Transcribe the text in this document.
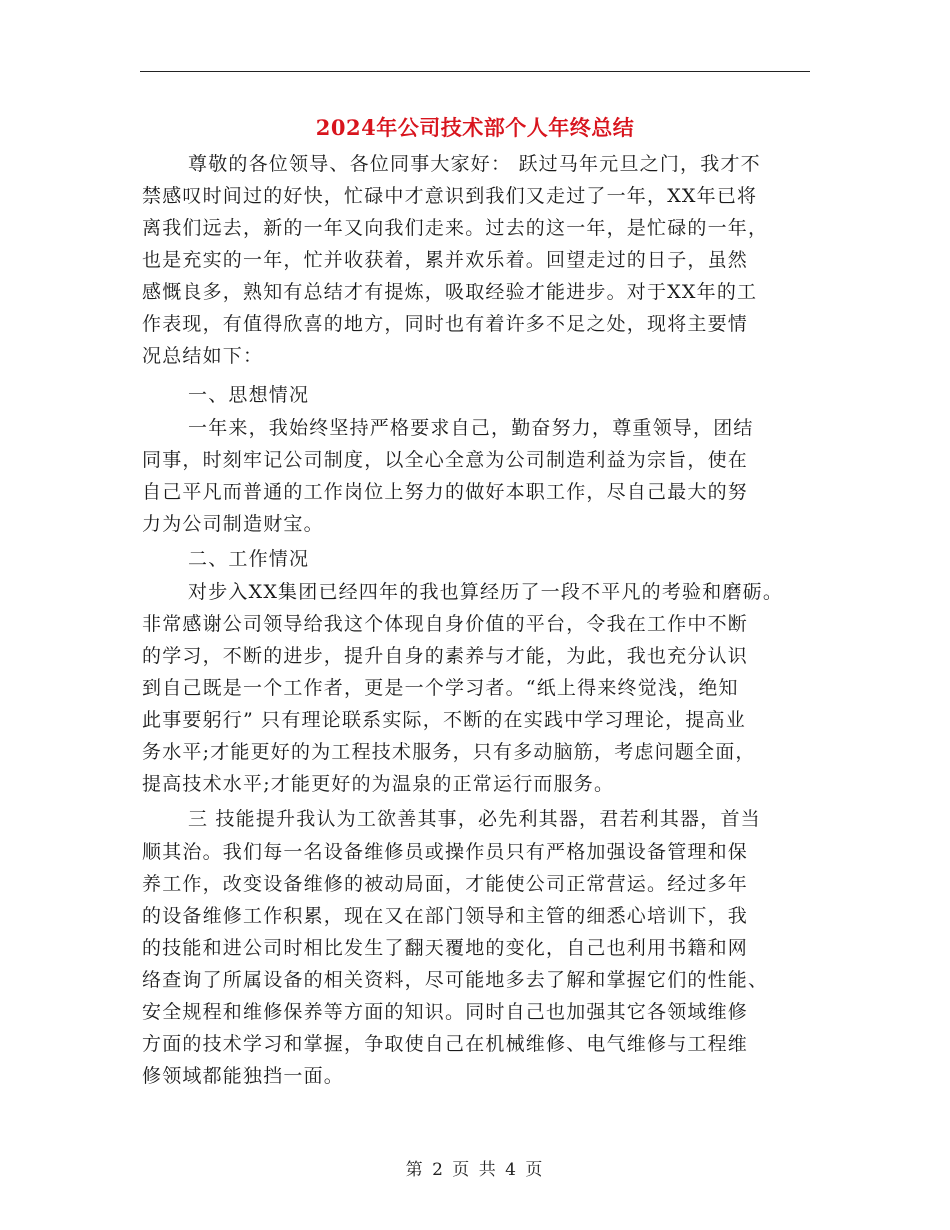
2024年公司技术部个人年终总结
尊敬的各位领导、各位同事大家好： 跃过马年元旦之门，我才不
禁感叹时间过的好快，忙碌中才意识到我们又走过了一年，XX年已将
离我们远去，新的一年又向我们走来。过去的这一年，是忙碌的一年，
也是充实的一年，忙并收获着，累并欢乐着。回望走过的日子，虽然
感慨良多，熟知有总结才有提炼，吸取经验才能进步。对于XX年的工
作表现，有值得欣喜的地方，同时也有着许多不足之处，现将主要情
况总结如下：
一、思想情况
一年来，我始终坚持严格要求自己，勤奋努力，尊重领导，团结
同事，时刻牢记公司制度，以全心全意为公司制造利益为宗旨，使在
自己平凡而普通的工作岗位上努力的做好本职工作，尽自己最大的努
力为公司制造财宝。
二、工作情况
对步入XX集团已经四年的我也算经历了一段不平凡的考验和磨砺。
非常感谢公司领导给我这个体现自身价值的平台，令我在工作中不断
的学习，不断的进步，提升自身的素养与才能，为此，我也充分认识
到自己既是一个工作者，更是一个学习者。“纸上得来终觉浅，绝知
此事要躬行” 只有理论联系实际，不断的在实践中学习理论，提高业
务水平;才能更好的为工程技术服务，只有多动脑筋，考虑问题全面，
提高技术水平;才能更好的为温泉的正常运行而服务。
三 技能提升我认为工欲善其事，必先利其器，君若利其器，首当
顺其治。我们每一名设备维修员或操作员只有严格加强设备管理和保
养工作，改变设备维修的被动局面，才能使公司正常营运。经过多年
的设备维修工作积累，现在又在部门领导和主管的细悉心培训下，我
的技能和进公司时相比发生了翻天覆地的变化，自己也利用书籍和网
络查询了所属设备的相关资料，尽可能地多去了解和掌握它们的性能、
安全规程和维修保养等方面的知识。同时自己也加强其它各领域维修
方面的技术学习和掌握，争取使自己在机械维修、电气维修与工程维
修领域都能独挡一面。
第 2 页 共 4 页
